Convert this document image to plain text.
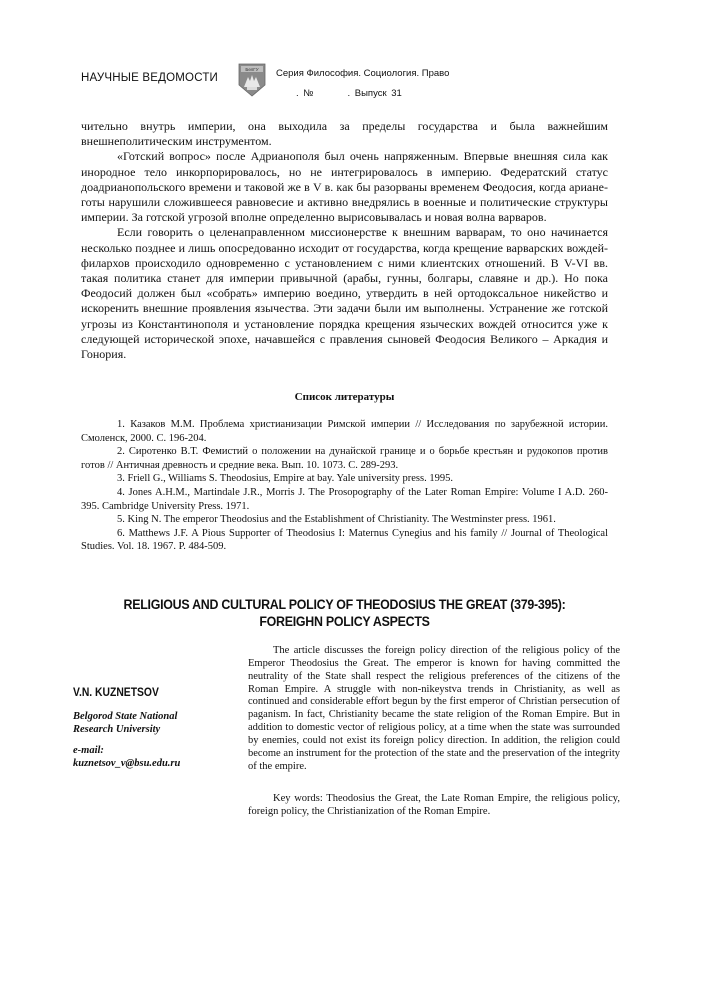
НАУЧНЫЕ ВЕДОМОСТИ
БелГУ Серия Философия. Социология. Право
. №	. Выпуск 31

чительно внутрь империи, она выходила за пределы государства и была важнейшим внешнеполитическим инструментом.

«Готский вопрос» после Адрианополя был очень напряженным. Впервые внешняя сила как инородное тело инкорпорировалось, но не интегрировалось в империю. Федератский статус доадрианопольского времени и таковой же в V в. как бы разорваны временем Феодосия, когда ариане-готы нарушили сложившееся равновесие и активно внедрялись в военные и политические структуры империи. За готской угрозой вполне определенно вырисовывалась и новая волна варваров.

Если говорить о целенаправленном миссионерстве к внешним варварам, то оно начинается несколько позднее и лишь опосредованно исходит от государства, когда крещение варварских вождей-филархов происходило одновременно с установлением с ними клиентских отношений. В V-VI вв. такая политика станет для империи привычной (арабы, гунны, болгары, славяне и др.). Но пока Феодосий должен был «собрать» империю воедино, утвердить в ней ортодоксальное никейство и искоренить внешние проявления язычества. Эти задачи были им выполнены. Устранение же готской угрозы из Константинополя и установление порядка крещения языческих вождей относится уже к следующей исторической эпохе, начавшейся с правления сыновей Феодосия Великого – Аркадия и Гонория.

Список литературы

1. Казаков М.М. Проблема христианизации Римской империи // Исследования по зарубежной истории. Смоленск, 2000. С. 196-204.

2. Сиротенко В.Т. Фемистий о положении на дунайской границе и о борьбе крестьян и рудокопов против готов // Античная древность и средние века. Вып. 10. 1073. С. 289-293.

3. Friell G., Williams S. Theodosius, Empire at bay. Yale university press. 1995.

4. Jones A.H.M., Martindale J.R., Morris J. The Prosopography of the Later Roman Empire: Volume I A.D. 260-395. Cambridge University Press. 1971.

5. King N. The emperor Theodosius and the Establishment of Christianity. The Westminster press. 1961.

6. Matthews J.F. A Pious Supporter of Theodosius I: Maternus Cynegius and his family // Journal of Theological Studies. Vol. 18. 1967. P. 484-509.

RELIGIOUS AND CULTURAL POLICY OF THEODOSIUS THE GREAT (379-395):
FOREIGHN POLICY ASPECTS
V.N. KUZNETSOV
Belgorod State National Research University
e-mail: kuznetsov_v@bsu.edu.ru

The article discusses the foreign policy direction of the religious policy of the Emperor Theodosius the Great. The emperor is known for having committed the neutrality of the State shall respect the religious preferences of the citizens of the Roman Empire. A struggle with non-nikeystva trends in Christianity, as well as continued and considerable effort begun by the first emperor of Christian persecution of paganism. In fact, Christianity became the state religion of the Roman Empire. But in addition to domestic vector of religious policy, at a time when the state was surrounded by enemies, could not exist its foreign policy direction. In addition, the religion could become an instrument for the protection of the state and the preservation of the integrity of the empire.

Key words: Theodosius the Great, the Late Roman Empire, the religious policy, foreign policy, the Christianization of the Roman Empire.
